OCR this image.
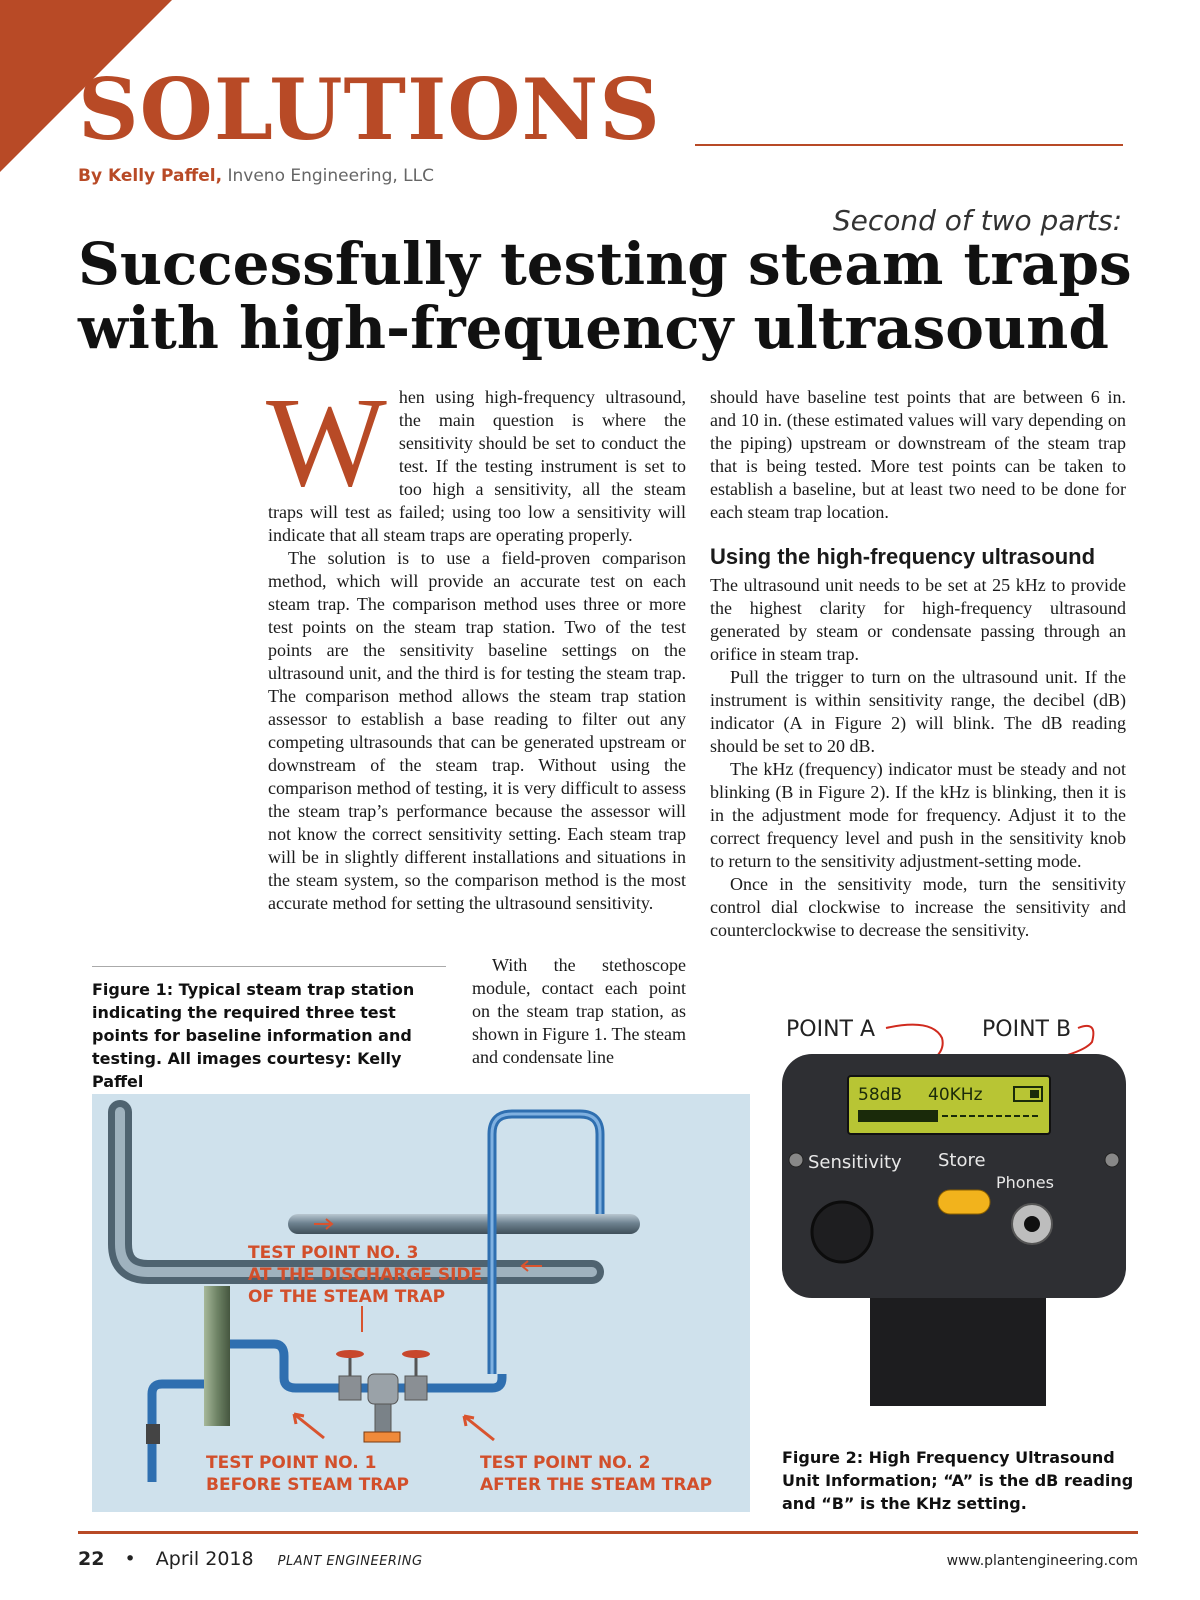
SOLUTIONS
By Kelly Paffel, Inveno Engineering, LLC
Second of two parts:
Successfully testing steam traps with high-frequency ultrasound

When using high-frequency ultrasound, the main question is where the sensitivity should be set to conduct the test. If the testing instrument is set to too high a sensitivity, all the steam traps will test as failed; using too low a sensitivity will indicate that all steam traps are operating properly.

The solution is to use a field-proven comparison method, which will provide an accurate test on each steam trap. The comparison method uses three or more test points on the steam trap station. Two of the test points are the sensitivity baseline settings on the ultrasound unit, and the third is for testing the steam trap. The comparison method allows the steam trap station assessor to establish a base reading to filter out any competing ultrasounds that can be generated upstream or downstream of the steam trap. Without using the comparison method of testing, it is very difficult to assess the steam trap’s performance because the assessor will not know the correct sensitivity setting. Each steam trap will be in slightly different installations and situations in the steam system, so the comparison method is the most accurate method for setting the ultrasound sensitivity.

With the stethoscope module, contact each point on the steam trap station, as shown in Figure 1. The steam and condensate line

should have baseline test points that are between 6 in. and 10 in. (these estimated values will vary depending on the piping) upstream or downstream of the steam trap that is being tested. More test points can be taken to establish a baseline, but at least two need to be done for each steam trap location.

Using the high-frequency ultrasound

The ultrasound unit needs to be set at 25 kHz to provide the highest clarity for high-frequency ultrasound generated by steam or condensate passing through an orifice in steam trap.

Pull the trigger to turn on the ultrasound unit. If the instrument is within sensitivity range, the decibel (dB) indicator (A in Figure 2) will blink. The dB reading should be set to 20 dB.

The kHz (frequency) indicator must be steady and not blinking (B in Figure 2). If the kHz is blinking, then it is in the adjustment mode for frequency. Adjust it to the correct frequency level and push in the sensitivity knob to return to the sensitivity adjustment-setting mode.

Once in the sensitivity mode, turn the sensitivity control dial clockwise to increase the sensitivity and counterclockwise to decrease the sensitivity.

Figure 1: Typical steam trap station indicating the required three test points for baseline information and testing. All images courtesy: Kelly Paffel
TEST POINT NO. 3
AT THE DISCHARGE SIDE
OF THE STEAM TRAP
TEST POINT NO. 1
BEFORE STEAM TRAP
TEST POINT NO. 2
AFTER THE STEAM TRAP
POINT A	POINT B
58dB 40KHz
Sensitivity Store
Phones
Figure 2: High Frequency Ultrasound Unit Information; “A” is the dB reading and “B” is the KHz setting.
22 • April 2018 PLANT ENGINEERING	www.plantengineering.com
